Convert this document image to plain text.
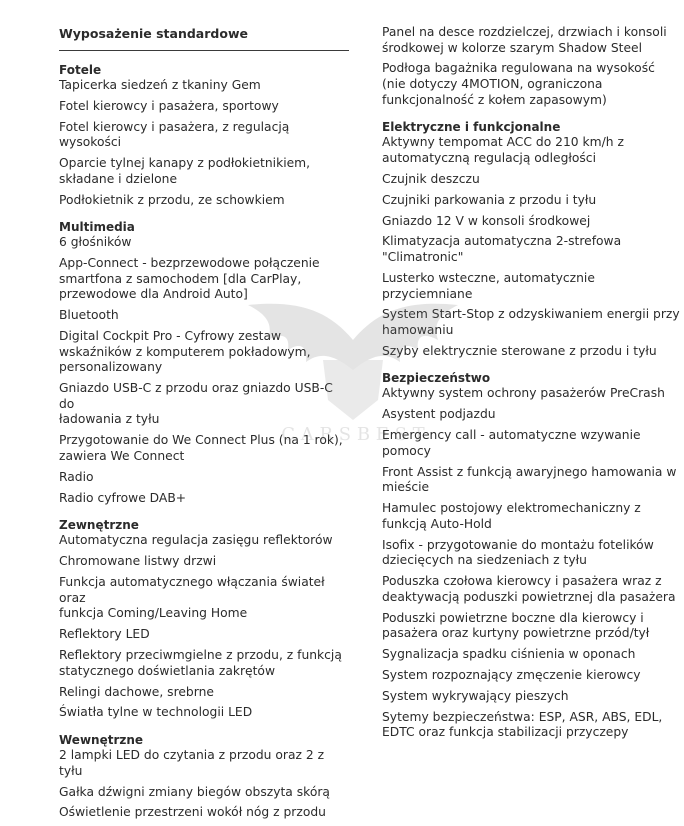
Wyposażenie standardowe
Fotele
Tapicerka siedzeń z tkaniny Gem
Fotel kierowcy i pasażera, sportowy
Fotel kierowcy i pasażera, z regulacją wysokości
Oparcie tylnej kanapy z podłokietnikiem,
składane i dzielone
Podłokietnik z przodu, ze schowkiem
Multimedia
6 głośników
App-Connect - bezprzewodowe połączenie
smartfona z samochodem [dla CarPlay,
przewodowe dla Android Auto]
Bluetooth
Digital Cockpit Pro - Cyfrowy zestaw
wskaźników z komputerem pokładowym,
personalizowany
Gniazdo USB-C z przodu oraz gniazdo USB-C do
ładowania z tyłu
Przygotowanie do We Connect Plus (na 1 rok),
zawiera We Connect
Radio
Radio cyfrowe DAB+
Zewnętrzne
Automatyczna regulacja zasięgu reflektorów
Chromowane listwy drzwi
Funkcja automatycznego włączania świateł oraz
funkcja Coming/Leaving Home
Reflektory LED
Reflektory przeciwmgielne z przodu, z funkcją
statycznego doświetlania zakrętów
Relingi dachowe, srebrne
Światła tylne w technologii LED
Wewnętrzne
2 lampki LED do czytania z przodu oraz 2 z tyłu
Gałka dźwigni zmiany biegów obszyta skórą
Oświetlenie przestrzeni wokół nóg z przodu
Panel na desce rozdzielczej, drzwiach i konsoli
środkowej w kolorze szarym Shadow Steel
Podłoga bagażnika regulowana na wysokość
(nie dotyczy 4MOTION, ograniczona
funkcjonalność z kołem zapasowym)
Elektryczne i funkcjonalne
Aktywny tempomat ACC do 210 km/h z
automatyczną regulacją odległości
Czujnik deszczu
Czujniki parkowania z przodu i tyłu
Gniazdo 12 V w konsoli środkowej
Klimatyzacja automatyczna 2-strefowa
"Climatronic"
Lusterko wsteczne, automatycznie
przyciemniane
System Start-Stop z odzyskiwaniem energii przy
hamowaniu
Szyby elektrycznie sterowane z przodu i tyłu
Bezpieczeństwo
Aktywny system ochrony pasażerów PreCrash
Asystent podjazdu
Emergency call - automatyczne wzywanie
pomocy
Front Assist z funkcją awaryjnego hamowania w
mieście
Hamulec postojowy elektromechaniczny z
funkcją Auto-Hold
Isofix - przygotowanie do montażu fotelików
dziecięcych na siedzeniach z tyłu
Poduszka czołowa kierowcy i pasażera wraz z
deaktywacją poduszki powietrznej dla pasażera
Poduszki powietrzne boczne dla kierowcy i
pasażera oraz kurtyny powietrzne przód/tył
Sygnalizacja spadku ciśnienia w oponach
System rozpoznający zmęczenie kierowcy
System wykrywający pieszych
Sytemy bezpieczeństwa: ESP, ASR, ABS, EDL,
EDTC oraz funkcja stabilizacji przyczepy
C A R S B E S T
